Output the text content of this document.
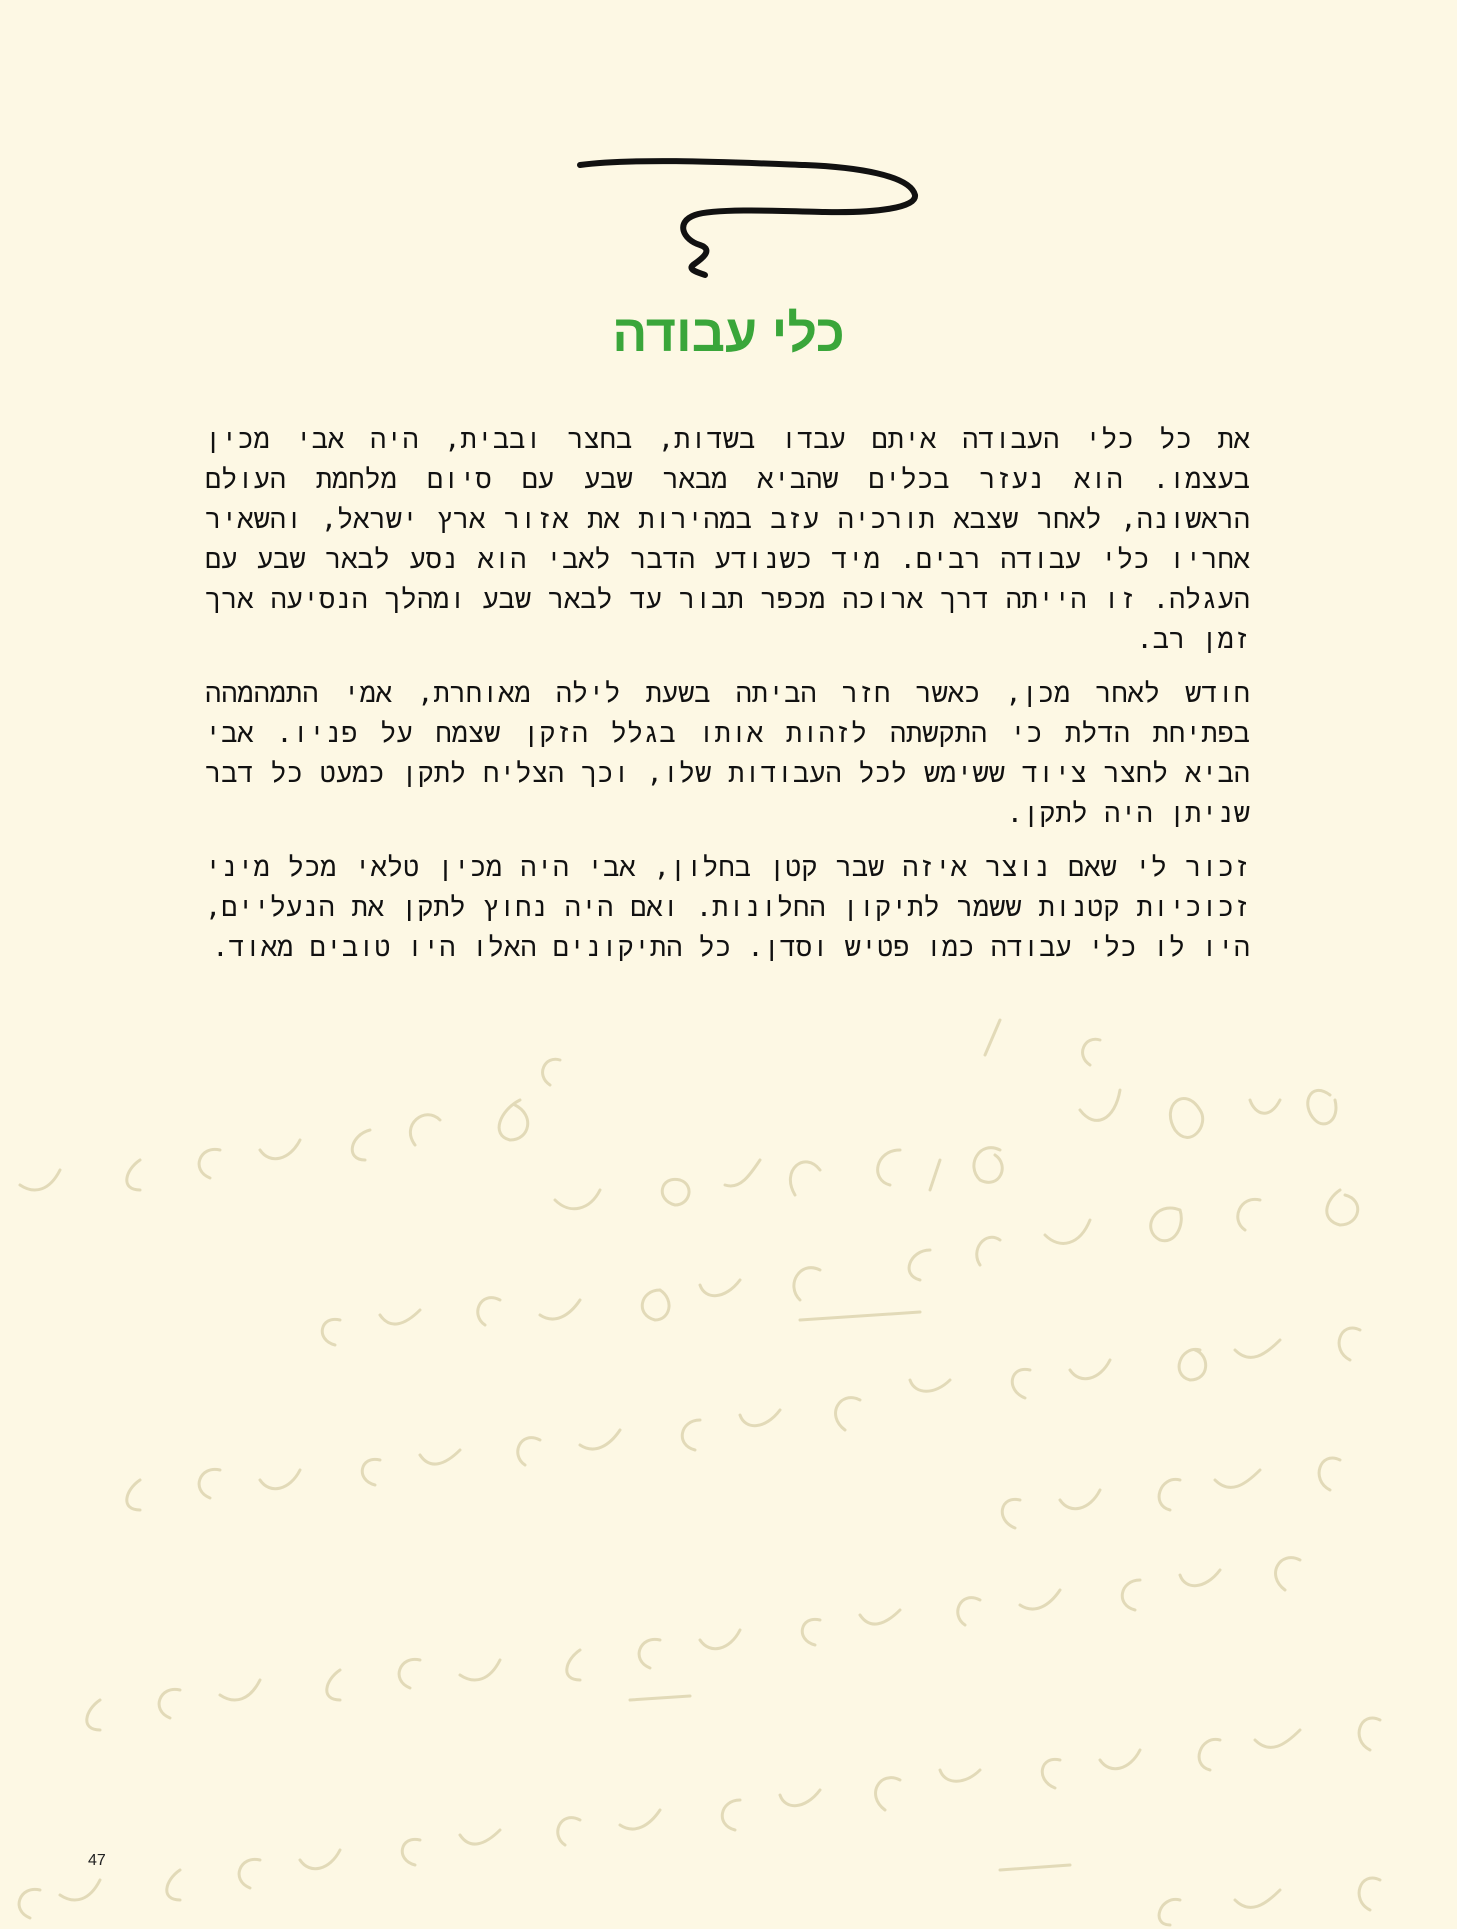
כלי עבודה

את כל כלי העבודה איתם עבדו בשדות, בחצר ובבית, היה אבי מכין בעצמו. הוא נעזר בכלים שהביא מבאר שבע עם סיום מלחמת העולם הראשונה, לאחר שצבא תורכיה עזב במהירות את אזור ארץ ישראל, והשאיר אחריו כלי עבודה רבים. מיד כשנודע הדבר לאבי הוא נסע לבאר שבע עם העגלה. זו הייתה דרך ארוכה מכפר תבור עד לבאר שבע ומהלך הנסיעה ארך זמן רב.

חודש לאחר מכן, כאשר חזר הביתה בשעת לילה מאוחרת, אמי התמהמהה בפתיחת הדלת כי התקשתה לזהות אותו בגלל הזקן שצמח על פניו. אבי הביא לחצר ציוד ששימש לכל העבודות שלו, וכך הצליח לתקן כמעט כל דבר שניתן היה לתקן.

זכור לי שאם נוצר איזה שבר קטן בחלון, אבי היה מכין טלאי מכל מיני זכוכיות קטנות ששמר לתיקון החלונות. ואם היה נחוץ לתקן את הנעליים, היו לו כלי עבודה כמו פטיש וסדן. כל התיקונים האלו היו טובים מאוד.

47
